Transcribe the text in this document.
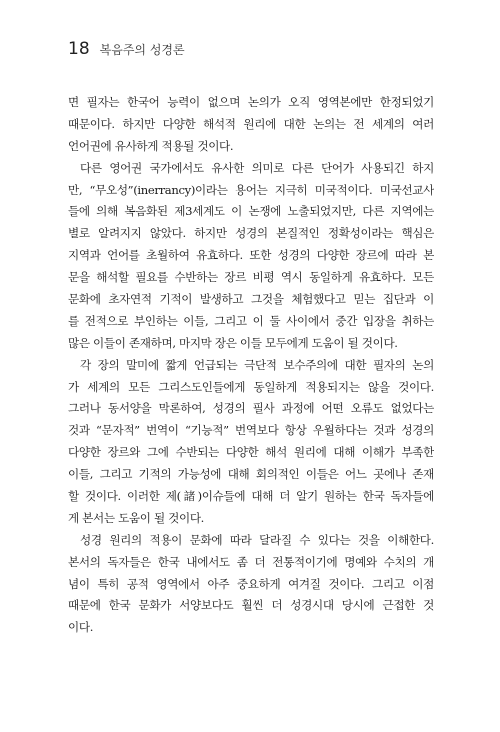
18 복음주의 성경론
면 필자는 한국어 능력이 없으며 논의가 오직 영역본에만 한정되었기
때문이다. 하지만 다양한 해석적 원리에 대한 논의는 전 세계의 여러
언어권에 유사하게 적용될 것이다.
다른 영어권 국가에서도 유사한 의미로 다른 단어가 사용되긴 하지
만, “무오성”(inerrancy)이라는 용어는 지극히 미국적이다. 미국선교사
들에 의해 복음화된 제3세계도 이 논쟁에 노출되었지만, 다른 지역에는
별로 알려지지 않았다. 하지만 성경의 본질적인 정확성이라는 핵심은
지역과 언어를 초월하여 유효하다. 또한 성경의 다양한 장르에 따라 본
문을 해석할 필요를 수반하는 장르 비평 역시 동일하게 유효하다. 모든
문화에 초자연적 기적이 발생하고 그것을 체험했다고 믿는 집단과 이
를 전적으로 부인하는 이들, 그리고 이 둘 사이에서 중간 입장을 취하는
많은 이들이 존재하며, 마지막 장은 이들 모두에게 도움이 될 것이다.
각 장의 말미에 짧게 언급되는 극단적 보수주의에 대한 필자의 논의
가 세계의 모든 그리스도인들에게 동일하게 적용되지는 않을 것이다.
그러나 동서양을 막론하여, 성경의 필사 과정에 어떤 오류도 없었다는
것과 “문자적” 번역이 “기능적” 번역보다 항상 우월하다는 것과 성경의
다양한 장르와 그에 수반되는 다양한 해석 원리에 대해 이해가 부족한
이들, 그리고 기적의 가능성에 대해 회의적인 이들은 어느 곳에나 존재
할 것이다. 이러한 제(諸)이슈들에 대해 더 알기 원하는 한국 독자들에
게 본서는 도움이 될 것이다.
성경 원리의 적용이 문화에 따라 달라질 수 있다는 것을 이해한다.
본서의 독자들은 한국 내에서도 좀 더 전통적이기에 명예와 수치의 개
념이 특히 공적 영역에서 아주 중요하게 여겨질 것이다. 그리고 이점
때문에 한국 문화가 서양보다도 훨씬 더 성경시대 당시에 근접한 것
이다.
